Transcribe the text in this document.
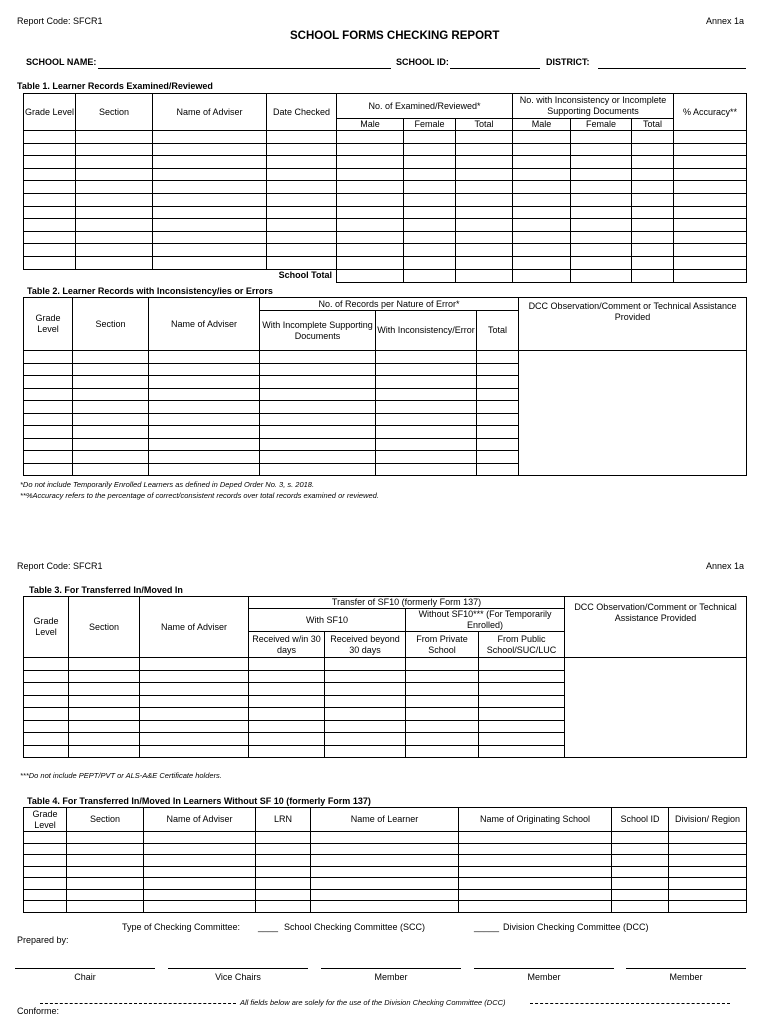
Report Code: SFCR1	Annex 1a
SCHOOL FORMS CHECKING REPORT
SCHOOL NAME:	SCHOOL ID:	DISTRICT:
Table 1. Learner Records Examined/Reviewed
Grade Level	Section	Name of Adviser	Date Checked	No. of Examined/Reviewed*			No. with Inconsistency or Incomplete Supporting Documents			% Accuracy**
				Male	Female	Total	Male	Female	Total	

School Total										
Table 2. Learner Records with Inconsistency/ies or Errors
Grade Level	Section	Name of Adviser	No. of Records per Nature of Error*			DCC Observation/Comment or Technical Assistance Provided
			With Incomplete Supporting Documents	With Inconsistency/Error	Total	

*Do not include Temporarily Enrolled Learners as defined in Deped Order No. 3, s. 2018.
**%Accuracy refers to the percentage of correct/consistent records over total records examined or reviewed.
Report Code: SFCR1	Annex 1a
Table 3. For Transferred In/Moved In
Grade Level	Section	Name of Adviser	Transfer of SF10 (formerly Form 137)				DCC Observation/Comment or Technical Assistance Provided
			With SF10		Without SF10*** (For Temporarily Enrolled)		
			Received w/in 30 days	Received beyond 30 days	From Private School	From Public School/SUC/LUC	

***Do not include PEPT/PVT or ALS-A&E Certificate holders.
Table 4. For Transferred In/Moved In Learners Without SF 10 (formerly Form 137)
Grade Level	Section	Name of Adviser	LRN	Name of Learner	Name of Originating School	School ID	Division/ Region

Type of Checking Committee: ____ School Checking Committee (SCC)	_____ Division Checking Committee (DCC)
Prepared by:
Chair	Vice Chairs	Member	Member	Member
All fields below are solely for the use of the Division Checking Committee (DCC)
Conforme:
